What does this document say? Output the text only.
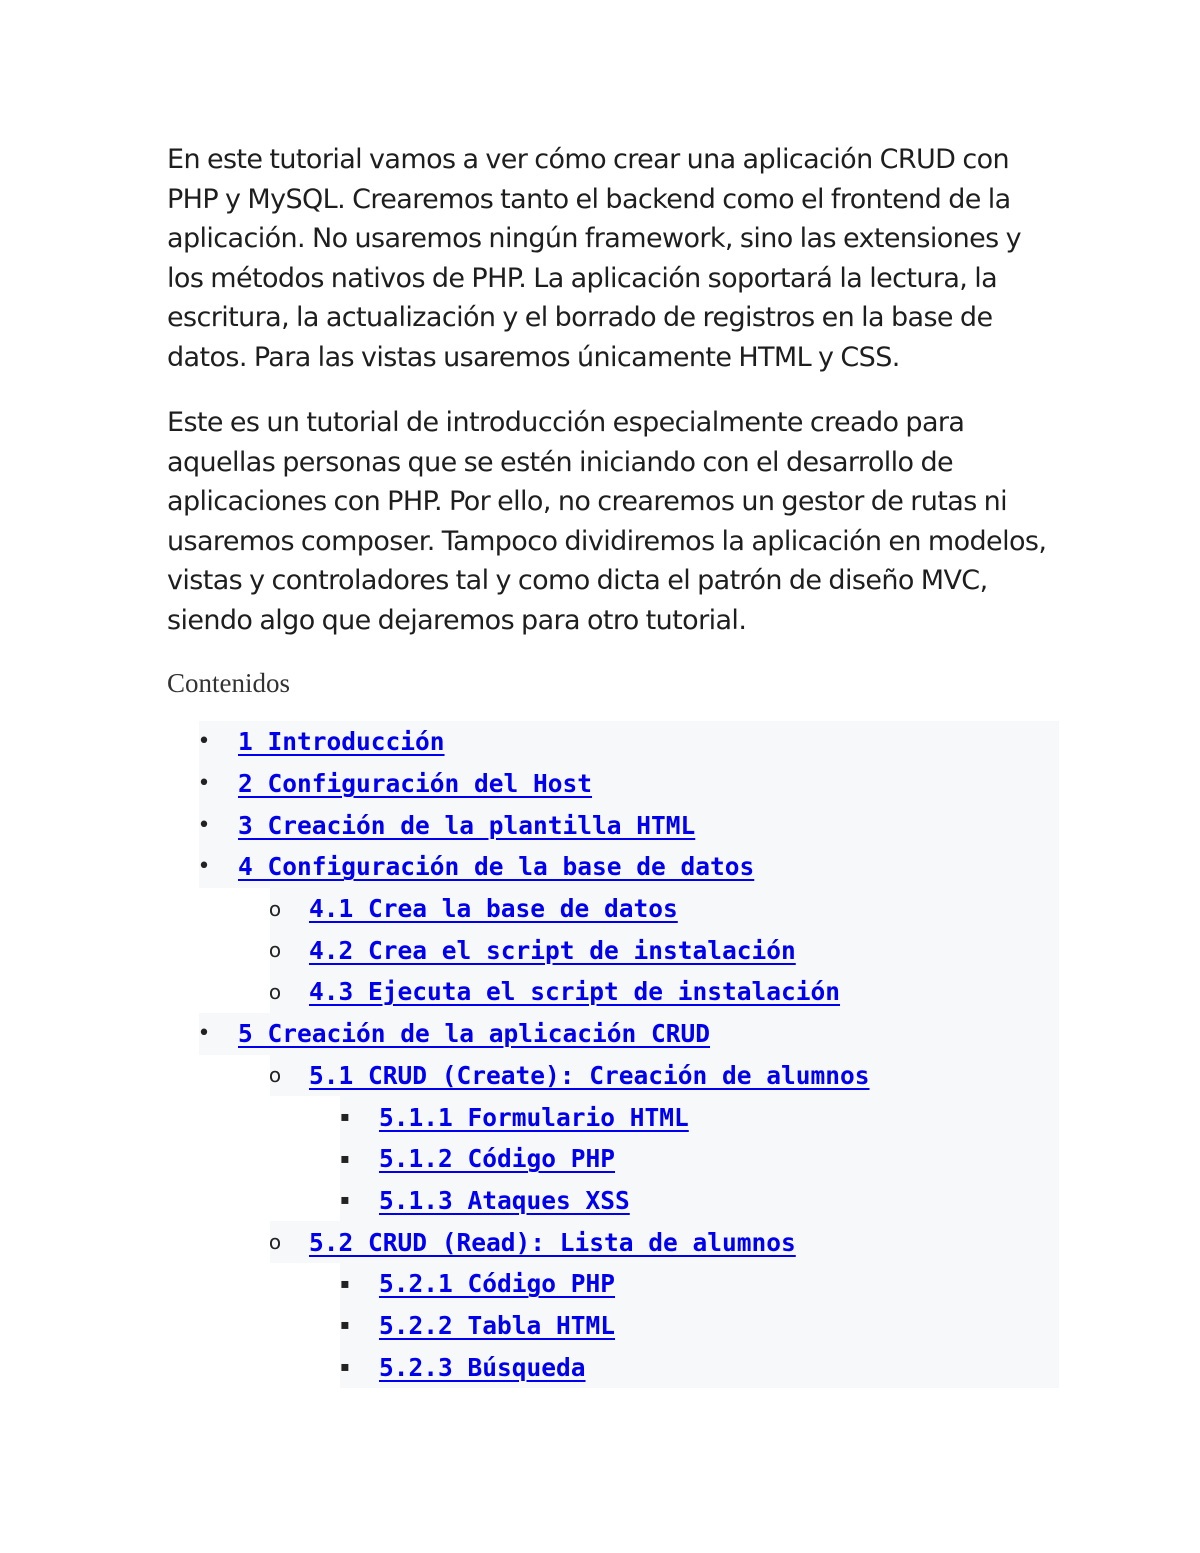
En este tutorial vamos a ver cómo crear una aplicación CRUD con PHP y MySQL. Crearemos tanto el backend como el frontend de la aplicación. No usaremos ningún framework, sino las extensiones y los métodos nativos de PHP. La aplicación soportará la lectura, la escritura, la actualización y el borrado de registros en la base de datos. Para las vistas usaremos únicamente HTML y CSS.

Este es un tutorial de introducción especialmente creado para aquellas personas que se estén iniciando con el desarrollo de aplicaciones con PHP. Por ello, no crearemos un gestor de rutas ni usaremos composer. Tampoco dividiremos la aplicación en modelos, vistas y controladores tal y como dicta el patrón de diseño MVC, siendo algo que dejaremos para otro tutorial.

Contenidos
• 1 Introducción
• 2 Configuración del Host
• 3 Creación de la plantilla HTML
• 4 Configuración de la base de datos
o 4.1 Crea la base de datos
o 4.2 Crea el script de instalación
o 4.3 Ejecuta el script de instalación
• 5 Creación de la aplicación CRUD
o 5.1 CRUD (Create): Creación de alumnos
▪ 5.1.1 Formulario HTML
▪ 5.1.2 Código PHP
▪ 5.1.3 Ataques XSS
o 5.2 CRUD (Read): Lista de alumnos
▪ 5.2.1 Código PHP
▪ 5.2.2 Tabla HTML
▪ 5.2.3 Búsqueda
